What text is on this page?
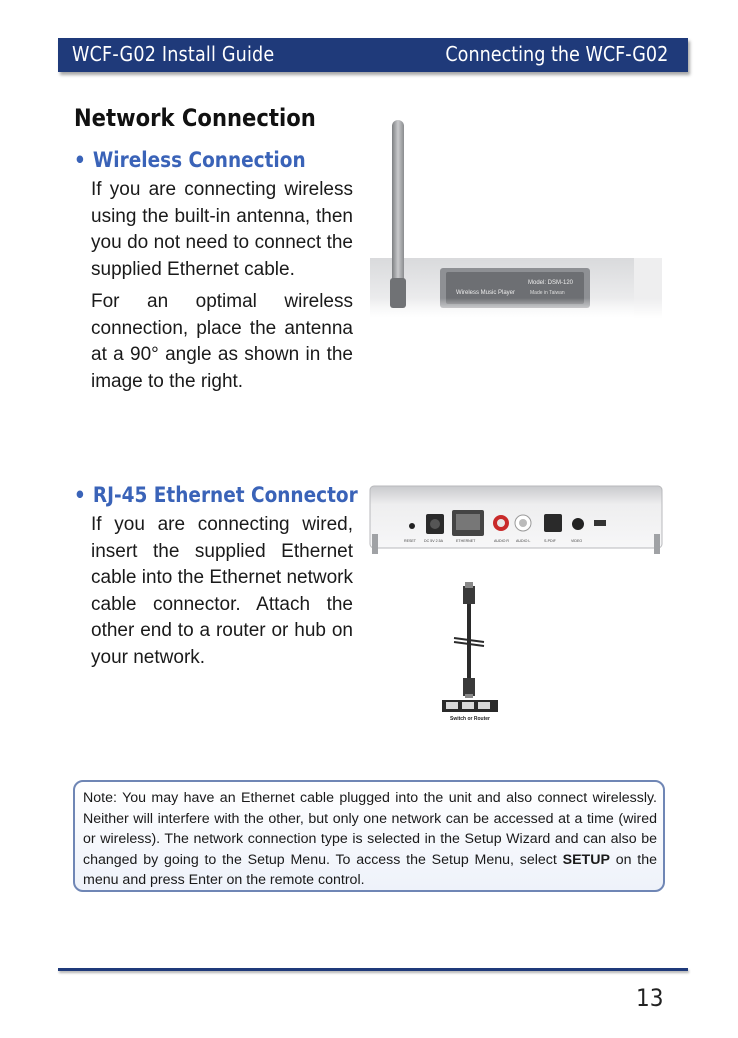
WCF-G02 Install Guide	Connecting the WCF-G02
Network Connection
• Wireless Connection

If you are connecting wireless using the built-in antenna, then you do not need to connect the supplied Ethernet cable.

For an optimal wireless connection, place the antenna at a 90° angle as shown in the image to the right.

Model: DSM-120
Wireless Music Player	Made in Taiwan
• RJ-45 Ethernet Connector

If you are connecting wired, insert the supplied Ethernet cable into the Ethernet network cable connector. Attach the other end to a router or hub on your network.

RESET DC 5V 2.5A	ETHERNET	AUDIO R AUDIO L	S-PDIF	VIDEO
Switch or Router
Note: You may have an Ethernet cable plugged into the unit and also connect wirelessly. Neither will interfere with the other, but only one network can be accessed at a time (wired or wireless). The network connection type is selected in the Setup Wizard and can also be changed by going to the Setup Menu. To access the Setup Menu, select SETUP on the menu and press Enter on the remote control.
13
